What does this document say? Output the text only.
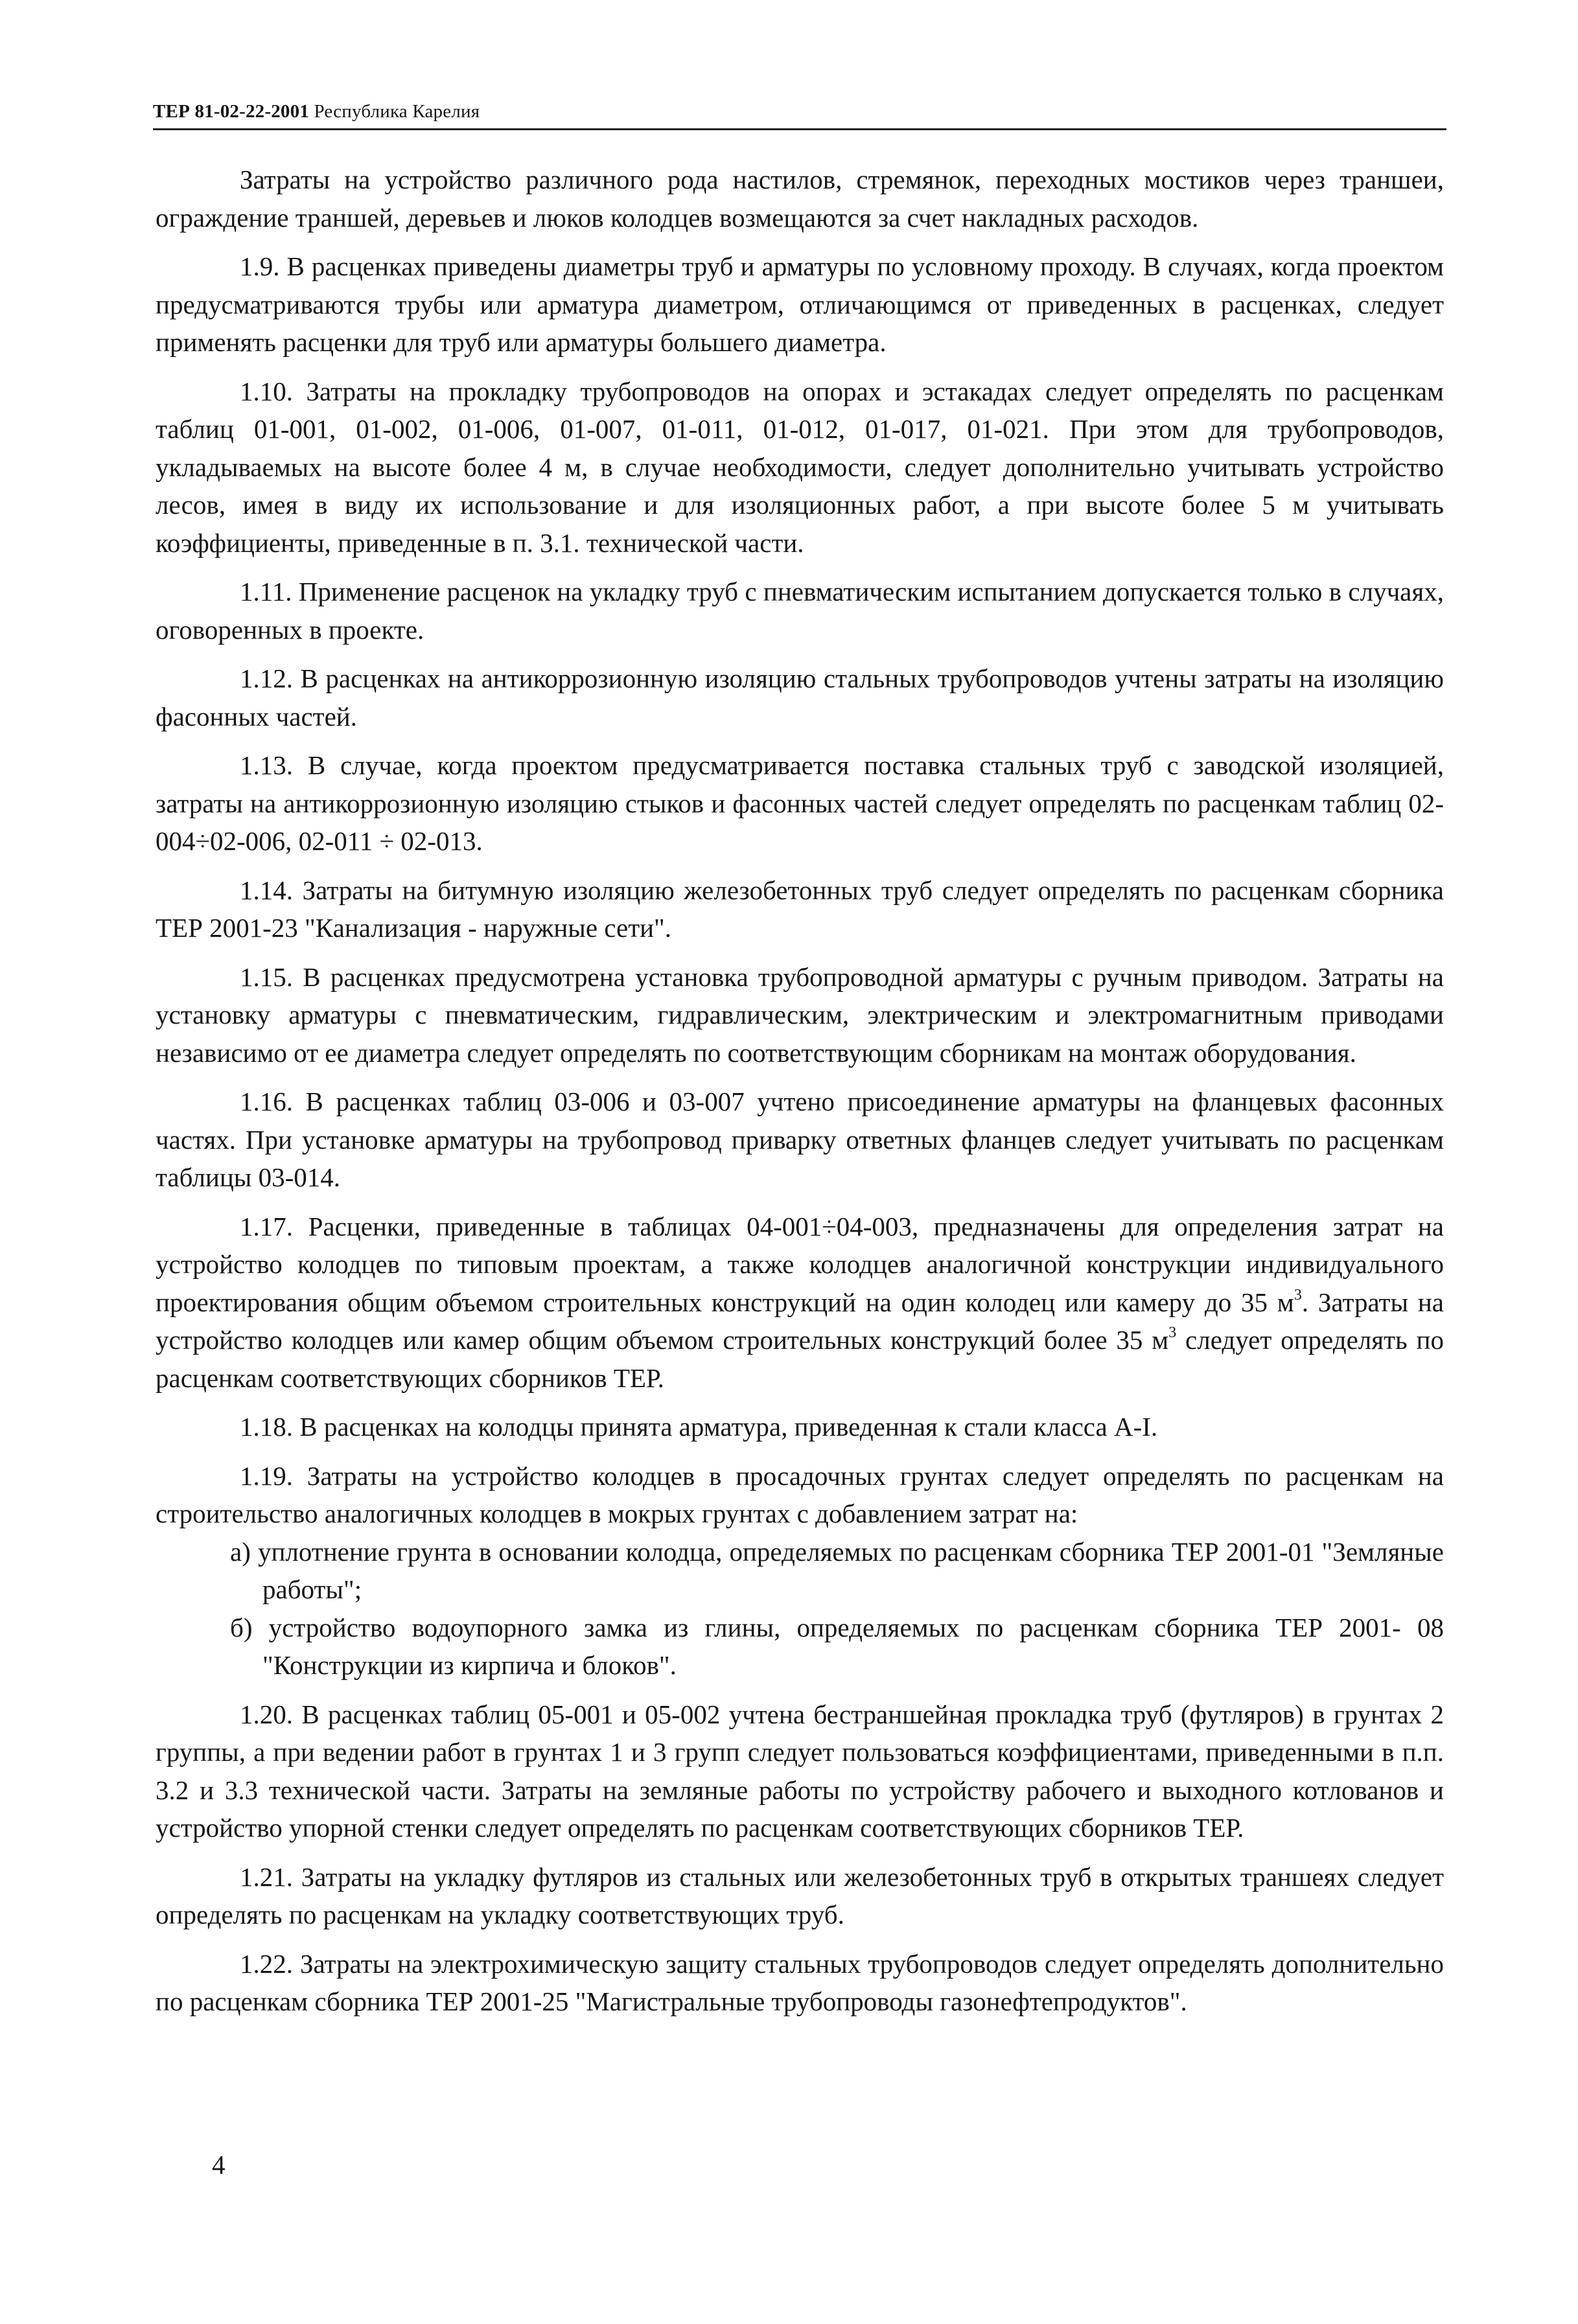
ТЕР 81-02-22-2001 Республика Карелия

Затраты на устройство различного рода настилов, стремянок, переходных мостиков через траншеи, ограждение траншей, деревьев и люков колодцев возмещаются за счет накладных расходов.

1.9. В расценках приведены диаметры труб и арматуры по условному проходу. В случаях, когда проектом предусматриваются трубы или арматура диаметром, отличающимся от приведенных в расценках, следует применять расценки для труб или арматуры большего диаметра.

1.10. Затраты на прокладку трубопроводов на опорах и эстакадах следует определять по расценкам таблиц 01-001, 01-002, 01-006, 01-007, 01-011, 01-012, 01-017, 01-021. При этом для трубопроводов, укладываемых на высоте более 4 м, в случае необходимости, следует дополнительно учитывать устройство лесов, имея в виду их использование и для изоляционных работ, а при высоте более 5 м учитывать коэффициенты, приведенные в п. 3.1. технической части.

1.11. Применение расценок на укладку труб с пневматическим испытанием допускается только в случаях, оговоренных в проекте.

1.12. В расценках на антикоррозионную изоляцию стальных трубопроводов учтены затраты на изоляцию фасонных частей.

1.13. В случае, когда проектом предусматривается поставка стальных труб с заводской изоляцией, затраты на антикоррозионную изоляцию стыков и фасонных частей следует определять по расценкам таблиц 02-004÷02-006, 02-011 ÷ 02-013.

1.14. Затраты на битумную изоляцию железобетонных труб следует определять по расценкам сборника ТЕР 2001-23 "Канализация - наружные сети".

1.15. В расценках предусмотрена установка трубопроводной арматуры с ручным приводом. Затраты на установку арматуры с пневматическим, гидравлическим, электрическим и электромагнитным приводами независимо от ее диаметра следует определять по соответствующим сборникам на монтаж оборудования.

1.16. В расценках таблиц 03-006 и 03-007 учтено присоединение арматуры на фланцевых фасонных частях. При установке арматуры на трубопровод приварку ответных фланцев следует учитывать по расценкам таблицы 03-014.

1.17. Расценки, приведенные в таблицах 04-001÷04-003, предназначены для определения затрат на устройство колодцев по типовым проектам, а также колодцев аналогичной конструкции индивидуального проектирования общим объемом строительных конструкций на один колодец или камеру до 35 $м^3$. Затраты на устройство колодцев или камер общим объемом строительных конструкций более 35 $м^3$ следует определять по расценкам соответствующих сборников ТЕР.

1.18. В расценках на колодцы принята арматура, приведенная к стали класса А-I.

1.19. Затраты на устройство колодцев в просадочных грунтах следует определять по расценкам на строительство аналогичных колодцев в мокрых грунтах с добавлением затрат на:

а) уплотнение грунта в основании колодца, определяемых по расценкам сборника ТЕР 2001-01 "Земляные работы";

б) устройство водоупорного замка из глины, определяемых по расценкам сборника ТЕР 2001- 08 "Конструкции из кирпича и блоков".

1.20. В расценках таблиц 05-001 и 05-002 учтена бестраншейная прокладка труб (футляров) в грунтах 2 группы, а при ведении работ в грунтах 1 и 3 групп следует пользоваться коэффициентами, приведенными в п.п. 3.2 и 3.3 технической части. Затраты на земляные работы по устройству рабочего и выходного котлованов и устройство упорной стенки следует определять по расценкам соответствующих сборников ТЕР.

1.21. Затраты на укладку футляров из стальных или железобетонных труб в открытых траншеях следует определять по расценкам на укладку соответствующих труб.

1.22. Затраты на электрохимическую защиту стальных трубопроводов следует определять дополнительно по расценкам сборника ТЕР 2001-25 "Магистральные трубопроводы газонефтепродуктов".

4
